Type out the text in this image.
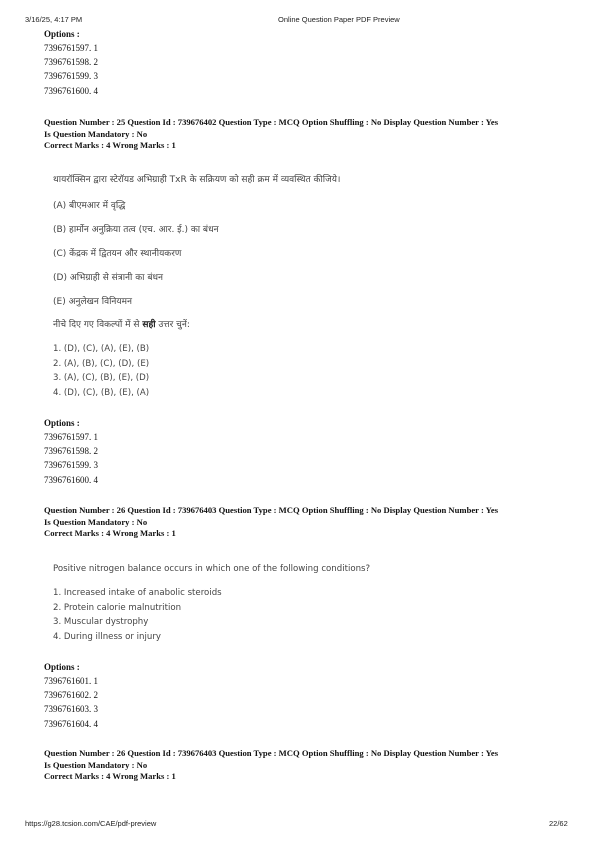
3/16/25, 4:17 PM	Online Question Paper PDF Preview
Options :
7396761597. 1
7396761598. 2
7396761599. 3
7396761600. 4
Question Number : 25 Question Id : 739676402 Question Type : MCQ Option Shuffling : No Display Question Number : Yes
Is Question Mandatory : No
Correct Marks : 4 Wrong Marks : 1
थायरॉक्सिन द्वारा स्टेरॉयड अभिग्राही TxR के सक्रियण को सही क्रम में व्यवस्थित कीजिये।
(A) बीएमआर में वृद्धि
(B) हार्मोन अनुक्रिया तत्व (एच. आर. ई.) का बंधन
(C) केंद्रक में द्वितयन और स्थानीयकरण
(D) अभिग्राही से संत्रानी का बंधन
(E) अनुलेखन विनियमन
नीचे दिए गए विकल्पों में से सही उत्तर चुनें:
1. (D), (C), (A), (E), (B)
2. (A), (B), (C), (D), (E)
3. (A), (C), (B), (E), (D)
4. (D), (C), (B), (E), (A)
Options :
7396761597. 1
7396761598. 2
7396761599. 3
7396761600. 4
Question Number : 26 Question Id : 739676403 Question Type : MCQ Option Shuffling : No Display Question Number : Yes
Is Question Mandatory : No
Correct Marks : 4 Wrong Marks : 1
Positive nitrogen balance occurs in which one of the following conditions?
1. Increased intake of anabolic steroids
2. Protein calorie malnutrition
3. Muscular dystrophy
4. During illness or injury
Options :
7396761601. 1
7396761602. 2
7396761603. 3
7396761604. 4
Question Number : 26 Question Id : 739676403 Question Type : MCQ Option Shuffling : No Display Question Number : Yes
Is Question Mandatory : No
Correct Marks : 4 Wrong Marks : 1
https://g28.tcsion.com/CAE/pdf-preview	22/62
